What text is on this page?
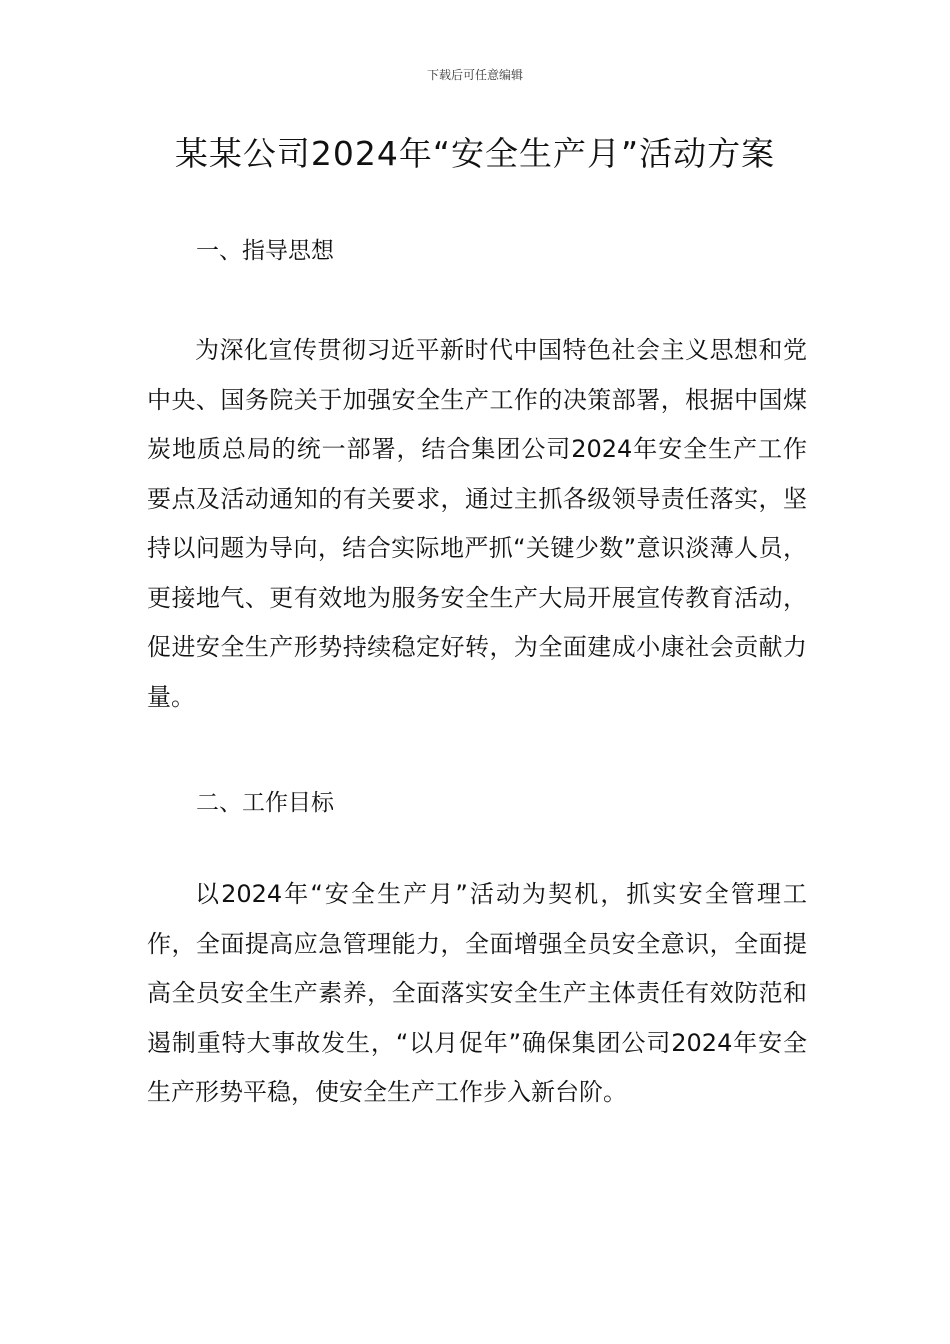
下载后可任意编辑
某某公司2024年“安全生产月”活动方案
一、指导思想

为深化宣传贯彻习近平新时代中国特色社会主义思想和党中央、国务院关于加强安全生产工作的决策部署，根据中国煤炭地质总局的统一部署，结合集团公司2024年安全生产工作要点及活动通知的有关要求，通过主抓各级领导责任落实，坚持以问题为导向，结合实际地严抓“关键少数”意识淡薄人员，更接地气、更有效地为服务安全生产大局开展宣传教育活动，促进安全生产形势持续稳定好转，为全面建成小康社会贡献力量。

二、工作目标

以2024年“安全生产月”活动为契机，抓实安全管理工作，全面提高应急管理能力，全面增强全员安全意识，全面提高全员安全生产素养，全面落实安全生产主体责任有效防范和遏制重特大事故发生，“以月促年”确保集团公司2024年安全生产形势平稳，使安全生产工作步入新台阶。
